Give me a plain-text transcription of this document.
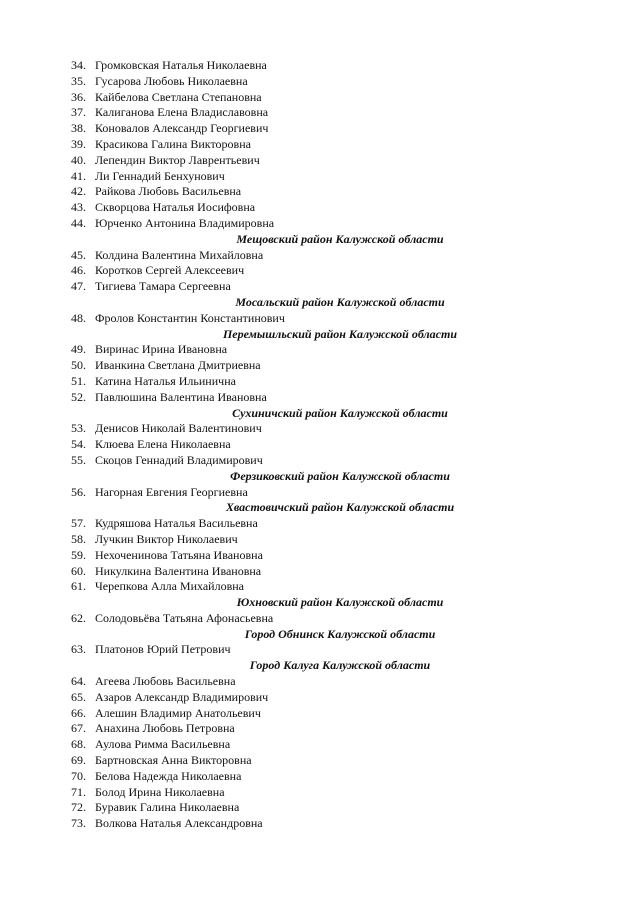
34. Громковская Наталья Николаевна
35. Гусарова Любовь Николаевна
36. Кайбелова Светлана Степановна
37. Калиганова Елена Владиславовна
38. Коновалов Александр Георгиевич
39. Красикова Галина Викторовна
40. Лепендин Виктор Лаврентьевич
41. Ли Геннадий Бенхунович
42. Райкова Любовь Васильевна
43. Скворцова Наталья Иосифовна
44. Юрченко Антонина Владимировна
Мещовский район Калужской области
45. Колдина Валентина Михайловна
46. Коротков Сергей Алексеевич
47. Тигиева Тамара Сергеевна
Мосальский район Калужской области
48. Фролов Константин Константинович
Перемышльский район Калужской области
49. Виринас Ирина Ивановна
50. Иванкина Светлана Дмитриевна
51. Катина Наталья Ильинична
52. Павлюшина Валентина Ивановна
Сухиничский район Калужской области
53. Денисов Николай Валентинович
54. Клюева Елена Николаевна
55. Скоцов Геннадий Владимирович
Ферзиковский район Калужской области
56. Нагорная Евгения Георгиевна
Хвастовичский район Калужской области
57. Кудряшова Наталья Васильевна
58. Лучкин Виктор Николаевич
59. Нехоченинова Татьяна Ивановна
60. Никулкина Валентина Ивановна
61. Черепкова Алла Михайловна
Юхновский район Калужской области
62. Солодовьёва Татьяна Афонасьевна
Город Обнинск Калужской области
63. Платонов Юрий Петрович
Город Калуга Калужской области
64. Агеева Любовь Васильевна
65. Азаров Александр Владимирович
66. Алешин Владимир Анатольевич
67. Анахина Любовь Петровна
68. Аулова Римма Васильевна
69. Бартновская Анна Викторовна
70. Белова Надежда Николаевна
71. Болод Ирина Николаевна
72. Буравик Галина Николаевна
73. Волкова Наталья Александровна
